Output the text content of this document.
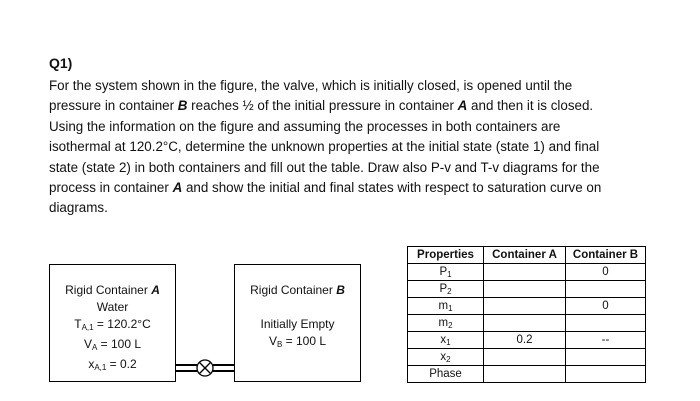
Q1)
For the system shown in the figure, the valve, which is initially closed, is opened until the
pressure in container B reaches ½ of the initial pressure in container A and then it is closed.
Using the information on the figure and assuming the processes in both containers are
isothermal at 120.2°C, determine the unknown properties at the initial state (state 1) and final
state (state 2) in both containers and fill out the table. Draw also P-v and T-v diagrams for the
process in container A and show the initial and final states with respect to saturation curve on
diagrams.
Rigid Container A
Water
$T_{A,1} = 120.2^\circ C$
$V_A = 100$ L
$x_{A,1} = 0.2$
Rigid Container B
Initially Empty
$V_B = 100$ L
Properties	Container A	Container B
$P_1$		0
$P_2$		
$m_1$		0
$m_2$		
$x_1$	0.2	--
$x_2$		
Phase		
